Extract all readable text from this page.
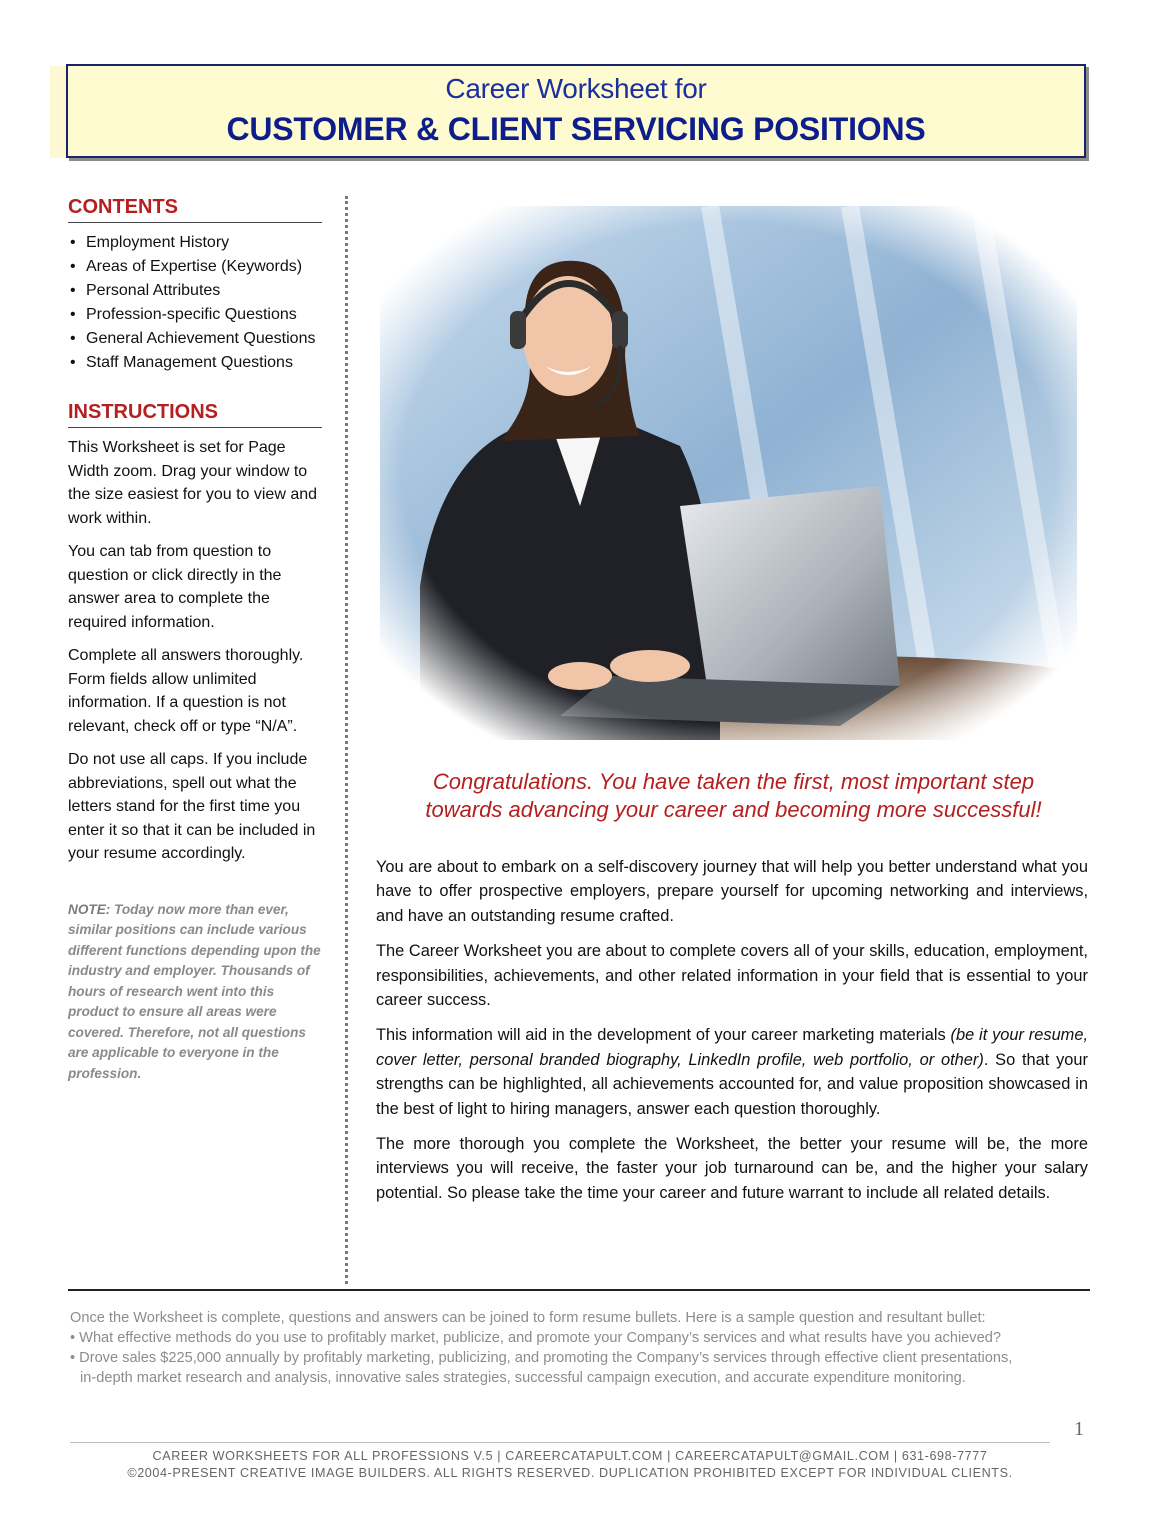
Career Worksheet for
CUSTOMER & CLIENT SERVICING POSITIONS
CONTENTS
• Employment History
• Areas of Expertise (Keywords)
• Personal Attributes
• Profession-specific Questions
• General Achievement Questions
• Staff Management Questions
INSTRUCTIONS

This Worksheet is set for Page Width zoom. Drag your window to the size easiest for you to view and work within.

You can tab from question to question or click directly in the answer area to complete the required information.

Complete all answers thoroughly. Form fields allow unlimited information. If a question is not relevant, check off or type “N/A”.

Do not use all caps. If you include abbreviations, spell out what the letters stand for the first time you enter it so that it can be included in your resume accordingly.

NOTE: Today now more than ever, similar positions can include various different functions depending upon the industry and employer. Thousands of hours of research went into this product to ensure all areas were covered. Therefore, not all questions are applicable to everyone in the profession.
Congratulations. You have taken the first, most important step
towards advancing your career and becoming more successful!

You are about to embark on a self-discovery journey that will help you better understand what you have to offer prospective employers, prepare yourself for upcoming networking and interviews, and have an outstanding resume crafted.

The Career Worksheet you are about to complete covers all of your skills, education, employment, responsibilities, achievements, and other related information in your field that is essential to your career success.

This information will aid in the development of your career marketing materials (be it your resume, cover letter, personal branded biography, LinkedIn profile, web portfolio, or other). So that your strengths can be highlighted, all achievements accounted for, and value proposition showcased in the best of light to hiring managers, answer each question thoroughly.

The more thorough you complete the Worksheet, the better your resume will be, the more interviews you will receive, the faster your job turnaround can be, and the higher your salary potential. So please take the time your career and future warrant to include all related details.

Once the Worksheet is complete, questions and answers can be joined to form resume bullets. Here is a sample question and resultant bullet:
• What effective methods do you use to profitably market, publicize, and promote your Company’s services and what results have you achieved?
• Drove sales $225,000 annually by profitably marketing, publicizing, and promoting the Company’s services through effective client presentations,
in-depth market research and analysis, innovative sales strategies, successful campaign execution, and accurate expenditure monitoring.
1
CAREER WORKSHEETS FOR ALL PROFESSIONS V.5 | CAREERCATAPULT.COM | CAREERCATAPULT@GMAIL.COM | 631-698-7777
©2004-PRESENT CREATIVE IMAGE BUILDERS. ALL RIGHTS RESERVED. DUPLICATION PROHIBITED EXCEPT FOR INDIVIDUAL CLIENTS.
